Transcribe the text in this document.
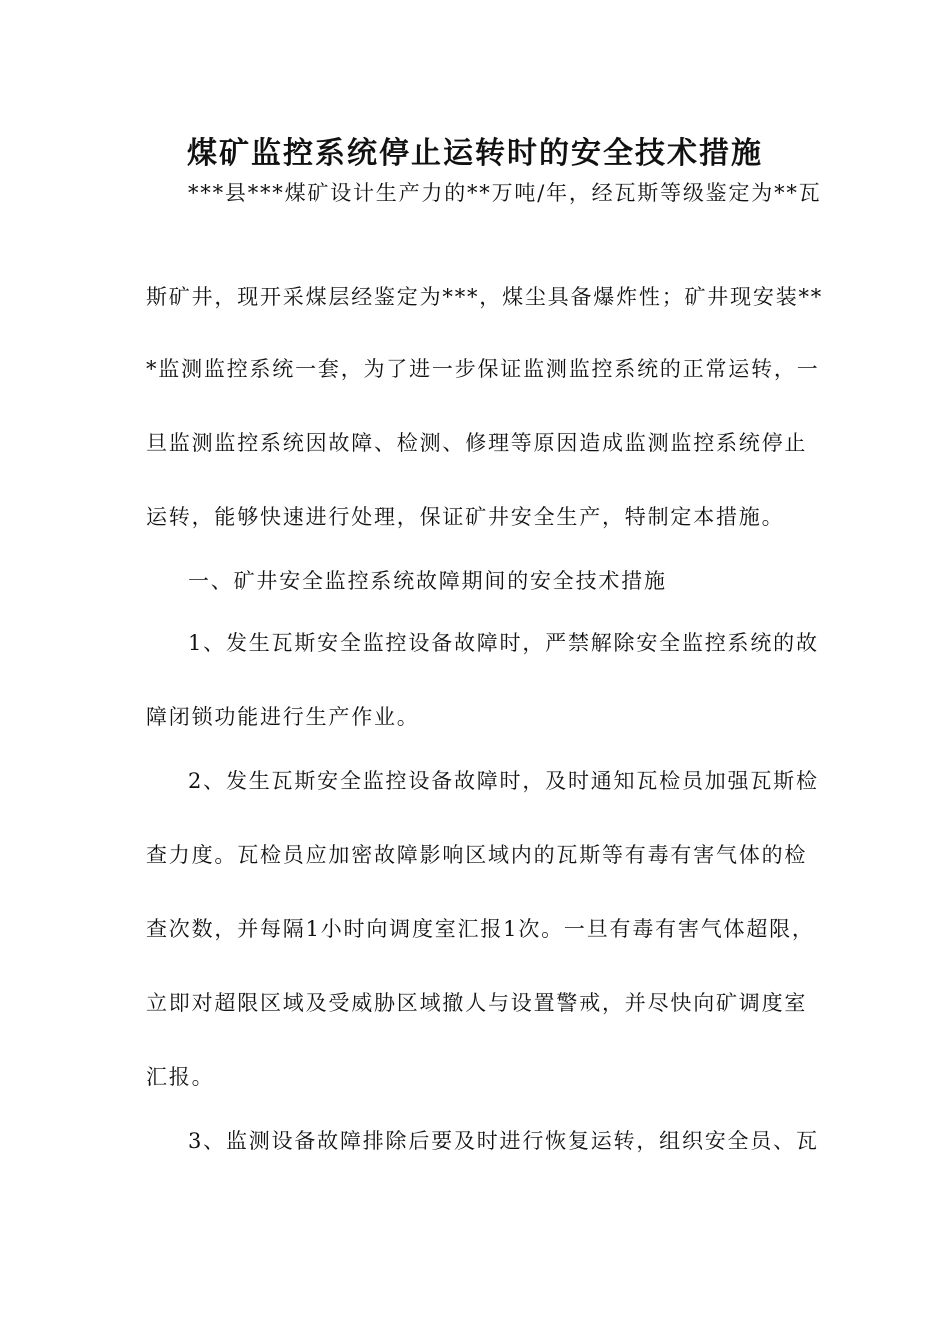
煤矿监控系统停止运转时的安全技术措施

***县***煤矿设计生产力的**万吨/年，经瓦斯等级鉴定为**瓦

斯矿井，现开采煤层经鉴定为***，煤尘具备爆炸性；矿井现安装**

*监测监控系统一套，为了进一步保证监测监控系统的正常运转，一

旦监测监控系统因故障、检测、修理等原因造成监测监控系统停止

运转，能够快速进行处理，保证矿井安全生产，特制定本措施。

一、矿井安全监控系统故障期间的安全技术措施

1、发生瓦斯安全监控设备故障时，严禁解除安全监控系统的故

障闭锁功能进行生产作业。

2、发生瓦斯安全监控设备故障时，及时通知瓦检员加强瓦斯检

查力度。瓦检员应加密故障影响区域内的瓦斯等有毒有害气体的检

查次数，并每隔1小时向调度室汇报1次。一旦有毒有害气体超限，

立即对超限区域及受威胁区域撤人与设置警戒，并尽快向矿调度室

汇报。

3、监测设备故障排除后要及时进行恢复运转，组织安全员、瓦
